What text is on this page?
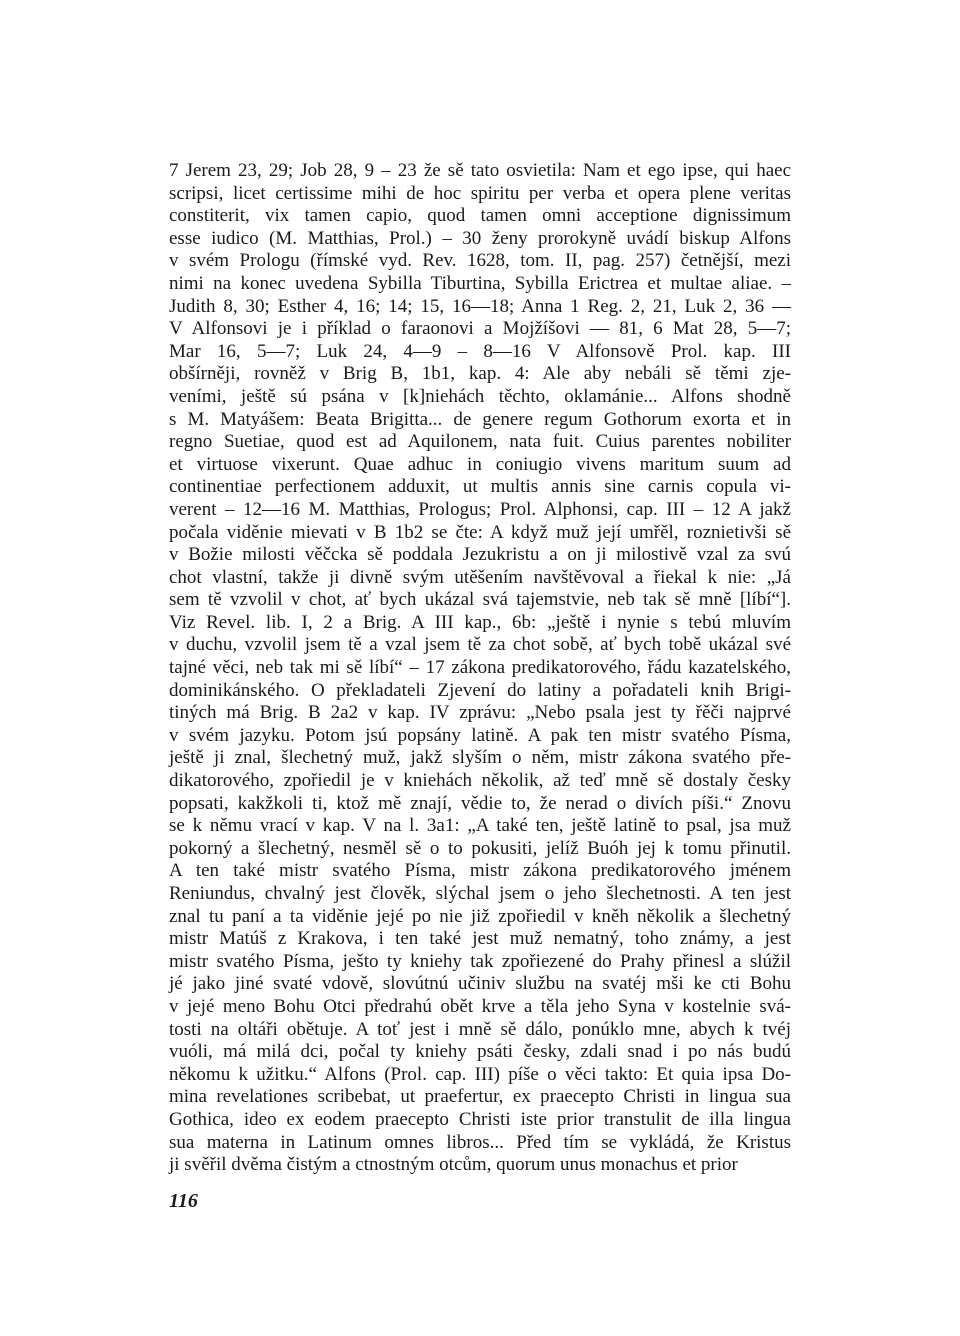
7 Jerem 23, 29; Job 28, 9 – 23 že sě tato osvietila: Nam et ego ipse, qui haec
scripsi, licet certissime mihi de hoc spiritu per verba et opera plene veritas
constiterit, vix tamen capio, quod tamen omni acceptione dignissimum
esse iudico (M. Matthias, Prol.) – 30 ženy prorokyně uvádí biskup Alfons
v svém Prologu (římské vyd. Rev. 1628, tom. II, pag. 257) četnější, mezi
nimi na konec uvedena Sybilla Tiburtina, Sybilla Erictrea et multae aliae. –
Judith 8, 30; Esther 4, 16; 14; 15, 16—18; Anna 1 Reg. 2, 21, Luk 2, 36 —
V Alfonsovi je i příklad o faraonovi a Mojžíšovi — 81, 6 Mat 28, 5—7;
Mar 16, 5—7; Luk 24, 4—9 – 8—16 V Alfonsově Prol. kap. III
obšírněji, rovněž v Brig B, 1b1, kap. 4: Ale aby nebáli sě těmi zje-
veními, ještě sú psána v [k]niehách těchto, oklamánie... Alfons shodně
s M. Matyášem: Beata Brigitta... de genere regum Gothorum exorta et in
regno Suetiae, quod est ad Aquilonem, nata fuit. Cuius parentes nobiliter
et virtuose vixerunt. Quae adhuc in coniugio vivens maritum suum ad
continentiae perfectionem adduxit, ut multis annis sine carnis copula vi-
verent – 12—16 M. Matthias, Prologus; Prol. Alphonsi, cap. III – 12 A jakž
počala viděnie mievati v B 1b2 se čte: A když muž její umřěl, roznietivši sě
v Božie milosti věčcka sě poddala Jezukristu a on ji milostivě vzal za svú
chot vlastní, takže ji divně svým utěšením navštěvoval a řiekal k nie: „Já
sem tě vzvolil v chot, ať bych ukázal svá tajemstvie, neb tak sě mně [líbí“].
Viz Revel. lib. I, 2 a Brig. A III kap., 6b: „ještě i nynie s tebú mluvím
v duchu, vzvolil jsem tě a vzal jsem tě za chot sobě, ať bych tobě ukázal své
tajné věci, neb tak mi sě líbí“ – 17 zákona predikatorového, řádu kazatelského,
dominikánského. O překladateli Zjevení do latiny a pořadateli knih Brigi-
tiných má Brig. B 2a2 v kap. IV zprávu: „Nebo psala jest ty řěči najprvé
v svém jazyku. Potom jsú popsány latině. A pak ten mistr svatého Písma,
ještě ji znal, šlechetný muž, jakž slyším o něm, mistr zákona svatého pře-
dikatorového, zpořiedil je v kniehách několik, až teď mně sě dostaly česky
popsati, kakžkoli ti, ktož mě znají, vědie to, že nerad o divích píši.“ Znovu
se k němu vrací v kap. V na l. 3a1: „A také ten, ještě latině to psal, jsa muž
pokorný a šlechetný, nesměl sě o to pokusiti, jelíž Buóh jej k tomu přinutil.
A ten také mistr svatého Písma, mistr zákona predikatorového jménem
Reniundus, chvalný jest člověk, slýchal jsem o jeho šlechetnosti. A ten jest
znal tu paní a ta viděnie jejé po nie již zpořiedil v kněh několik a šlechetný
mistr Matúš z Krakova, i ten také jest muž nematný, toho známy, a jest
mistr svatého Písma, ješto ty kniehy tak zpořiezené do Prahy přinesl a slúžil
jé jako jiné svaté vdově, slovútnú učiniv službu na svatéj mši ke cti Bohu
v jejé meno Bohu Otci předrahú obět krve a těla jeho Syna v kostelnie svá-
tosti na oltáři obětuje. A toť jest i mně sě dálo, ponúklo mne, abych k tvéj
vuóli, má milá dci, počal ty kniehy psáti česky, zdali snad i po nás budú
někomu k užitku.“ Alfons (Prol. cap. III) píše o věci takto: Et quia ipsa Do-
mina revelationes scribebat, ut praefertur, ex praecepto Christi in lingua sua
Gothica, ideo ex eodem praecepto Christi iste prior transtulit de illa lingua
sua materna in Latinum omnes libros... Před tím se vykládá, že Kristus
ji svěřil dvěma čistým a ctnostným otcům, quorum unus monachus et prior
116
